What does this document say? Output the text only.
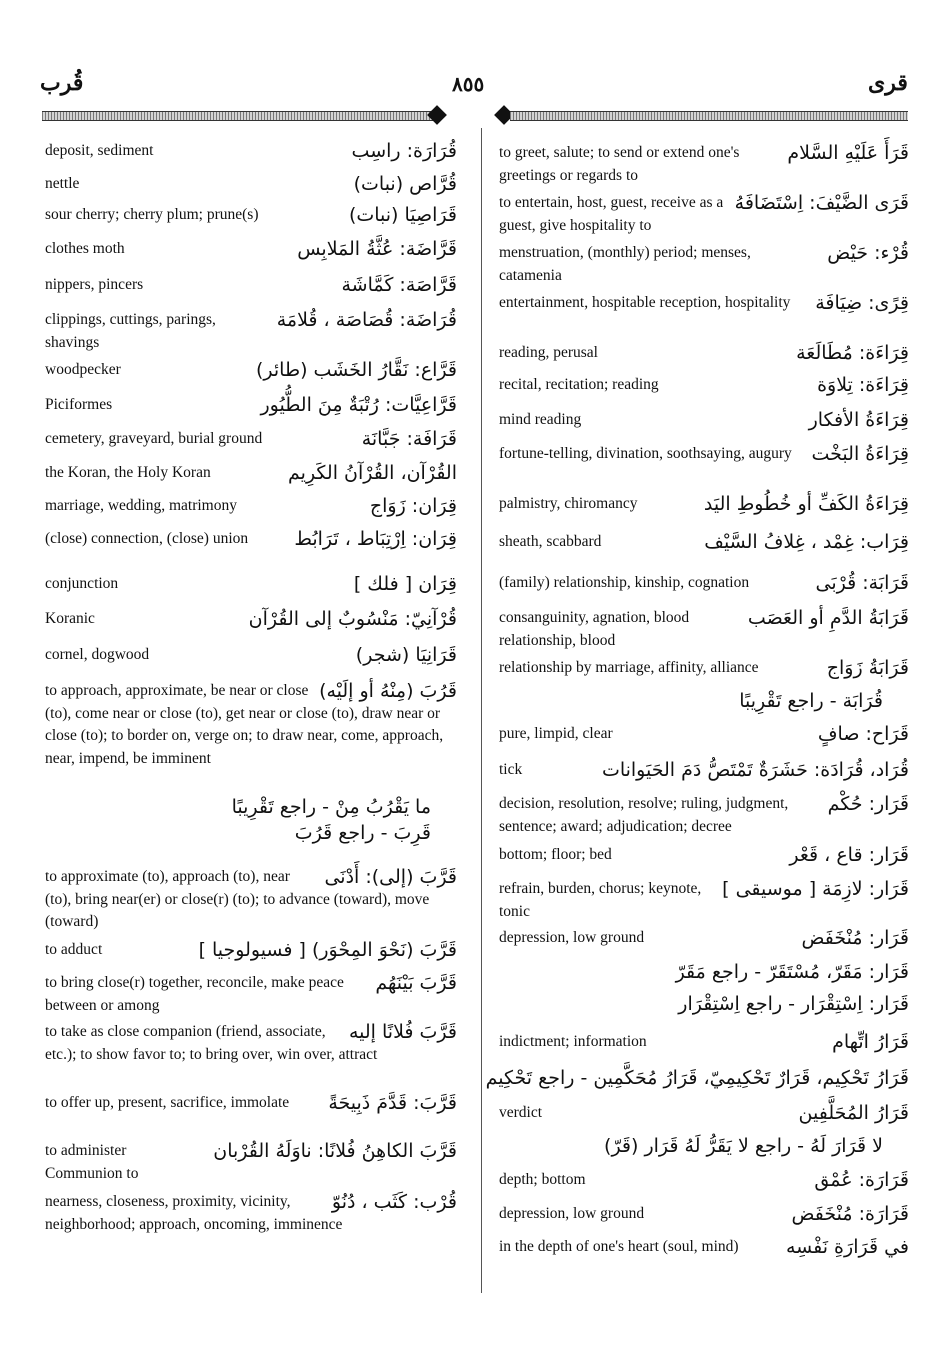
قُرب	٨٥٥	قرى
قُرَارَة: راسِب
deposit, sediment
قُرَّاص (نبات)
nettle
قَرَاصِيَا (نبات)
sour cherry; cherry plum; prune(s)
قَرَّاضَة: عُثَّةُ المَلابِس
clothes moth
قَرَّاصَة: كَمَّاشَة
nippers, pincers
قُرَاضَة: قُصَاصَة ، قُلامَة
clippings, cuttings, parings, shavings
قَرَّاع: نَقَّارُ الخَشَب (طائر)
woodpecker
قَرَّاعِيَّات: رُتْبَةٌ مِنَ الطُّيُور
Piciformes
قَرَافَة: جَبَّانَة
cemetery, graveyard, burial ground
القُرْآن، القُرْآنُ الكَرِيم
the Koran, the Holy Koran
قِرَان: زَوَاج
marriage, wedding, matrimony
قِرَان: اِرْتِبَاط ، تَرَابُط
(close) connection, (close) union
قِرَان [ فلك ]
conjunction
قُرْآنِيّ: مَنْسُوبٌ إلى القُرْآن
Koranic
قَرَانِيَا (شجر)
cornel, dogwood
قَرُبَ (مِنْهُ أو إلَيْه)
to approach, approximate, be near or close (to), come near or close (to), get near or close (to), draw near or close (to); to border on, verge on; to draw near, come, approach, near, impend, be imminent
ما يَقْرُبُ مِنْ - راجع تَقْرِيبًا
قَرِبَ - راجع قَرُبَ
قَرَّبَ (إلى): أَدْنَى
to approximate (to), approach (to), near (to), bring near(er) or close(r) (to); to advance (toward), move (toward)
قَرَّبَ (نَحْوَ المِحْوَر) [ فسيولوجيا ]
to adduct
قَرَّبَ بَيْنَهُم
to bring close(r) together, reconcile, make peace between or among
قَرَّبَ فُلانًا إليه
to take as close companion (friend, associate, etc.); to show favor to; to bring over, win over, attract
قَرَّبَ: قَدَّمَ ذَبِيحَةً
to offer up, present, sacrifice, immolate
قَرَّبَ الكاهِنُ فُلانًا: ناوَلَهُ القُرْبان
to administer Communion to
قُرْب: كَثَب ، دُنُوّ
nearness, closeness, proximity, vicinity, neighborhood; approach, oncoming, imminence
قَرَأَ عَلَيْهِ السَّلام
to greet, salute; to send or extend one's greetings or regards to
قَرَى الضَّيْفَ: اِسْتَضَافَهُ
to entertain, host, guest, receive as a guest, give hospitality to
قُرْء: حَيْض
menstruation, (monthly) period; menses, catamenia
قِرًى: ضِيَافَة
entertainment, hospitable reception, hospitality
قِرَاءَة: مُطَالَعَة
reading, perusal
قِرَاءَة: تِلاوَة
recital, recitation; reading
قِرَاءَةُ الأفكار
mind reading
قِرَاءَةُ البَخْت
fortune-telling, divination, soothsaying, augury
قِرَاءَةُ الكَفِّ أو خُطُوطِ اليَد
palmistry, chiromancy
قِرَاب: غِمْد ، غِلافُ السَّيْف
sheath, scabbard
قَرَابَة: قُرْبَى
(family) relationship, kinship, cognation
قَرَابَةُ الدَّمِ أو العَصَب
consanguinity, agnation, blood relationship, blood
قَرَابَةُ زَوَاج
relationship by marriage, affinity, alliance
قُرَابَة - راجع تَقْرِيبًا
قَرَاح: صافٍ
pure, limpid, clear
قُرَاد، قُرَادَة: حَشَرَةٌ تَمْتَصُّ دَمَ الحَيَوانات
tick
قَرَار: حُكْم
decision, resolution, resolve; ruling, judgment, sentence; award; adjudication; decree
قَرَار: قاع ، قَعْر
bottom; floor; bed
قَرَار: لازِمَة [ موسيقى ]
refrain, burden, chorus; keynote, tonic
قَرَار: مُنْخَفَض
depression, low ground
قَرَار: مَقَرّ، مُسْتَقَرّ - راجع مَقَرّ
قَرَار: اِسْتِقْرَار - راجع اِسْتِقْرَار
قَرَارُ اتِّهام
indictment; information
قَرَارُ تَحْكِيم، قَرَارٌ تَحْكِيمِيّ، قَرَارُ مُحَكَّمِين - راجع تَحْكِيم
قَرَارُ المُحَلَّفِين
verdict
لا قَرَارَ لَهُ - راجع لا يَقَرُّ لَهُ قَرَار (قَرّ)
قَرَارَة: عُمْق
depth; bottom
قَرَارَة: مُنْخَفَض
depression, low ground
في قَرَارَةِ نَفْسِه
in the depth of one's heart (soul, mind)
